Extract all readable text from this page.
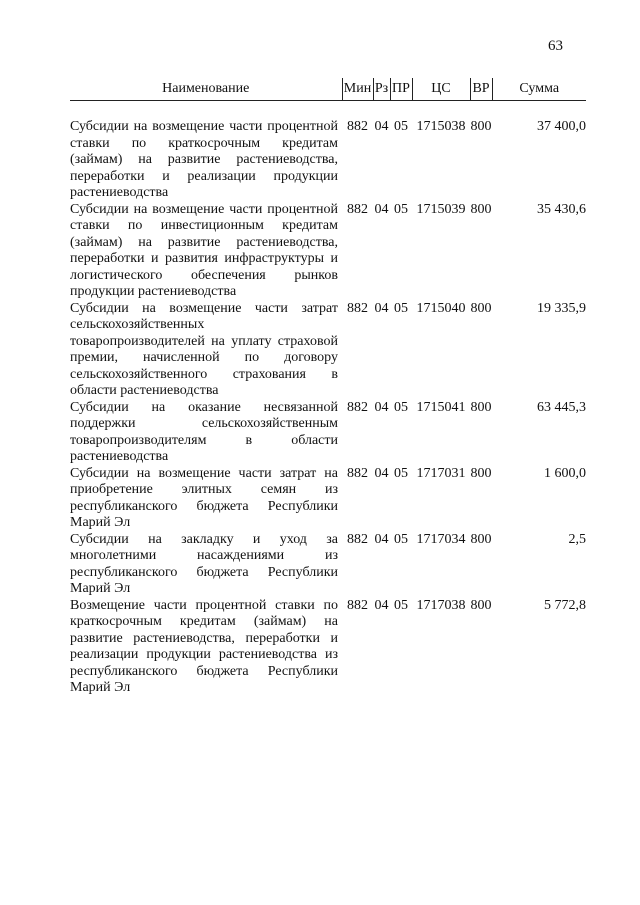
63
Наименование	Мин	Рз	ПР	ЦС	ВР	Сумма

Субсидии на возмещение части процентной ставки по краткосрочным кредитам (займам) на развитие растениеводства, переработки и реализации продукции растениеводства	882	04	05	1715038	800	37 400,0
Субсидии на возмещение части процентной ставки по инвестиционным кредитам (займам) на развитие растениеводства, переработки и развития инфраструктуры и логистического обеспечения рынков продукции растениеводства	882	04	05	1715039	800	35 430,6
Субсидии на возмещение части затрат сельскохозяйственных товаропроизводителей на уплату страховой премии, начисленной по договору сельскохозяйственного страхования в области растениеводства	882	04	05	1715040	800	19 335,9
Субсидии на оказание несвязанной поддержки сельскохозяйственным товаропроизводителям в области растениеводства	882	04	05	1715041	800	63 445,3
Субсидии на возмещение части затрат на приобретение элитных семян из республиканского бюджета Республики Марий Эл	882	04	05	1717031	800	1 600,0
Субсидии на закладку и уход за многолетними насаждениями из республиканского бюджета Республики Марий Эл	882	04	05	1717034	800	2,5
Возмещение части процентной ставки по краткосрочным кредитам (займам) на развитие растениеводства, переработки и реализации продукции растениеводства из республиканского бюджета Республики Марий Эл	882	04	05	1717038	800	5 772,8
